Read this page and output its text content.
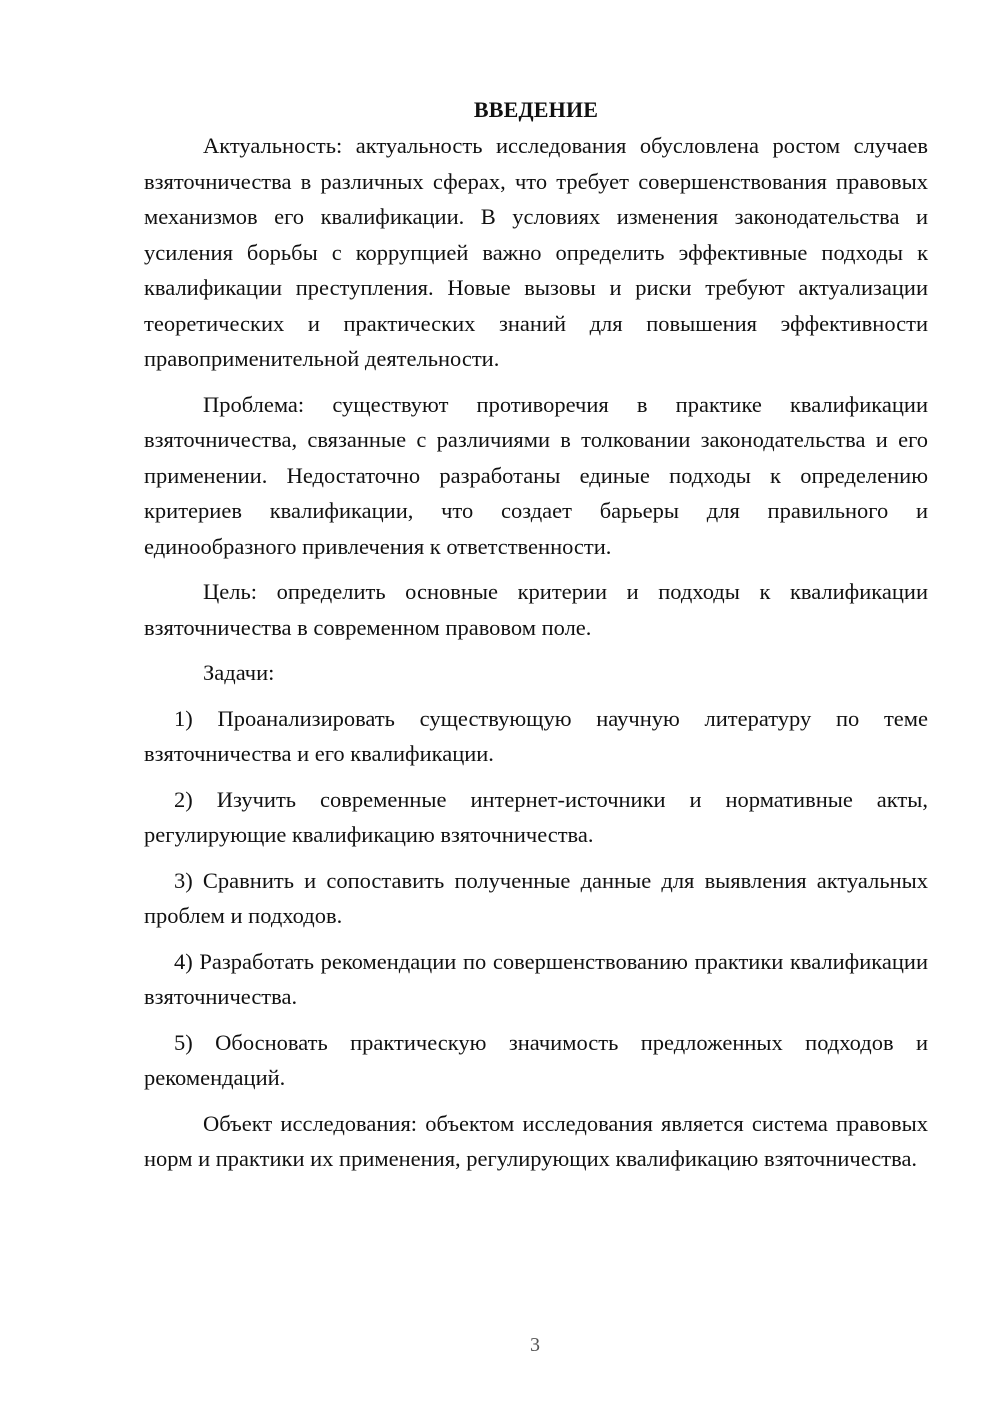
ВВЕДЕНИЕ

Актуальность: актуальность исследования обусловлена ростом случаев взяточничества в различных сферах, что требует совершенствования правовых механизмов его квалификации. В условиях изменения законодательства и усиления борьбы с коррупцией важно определить эффективные подходы к квалификации преступления. Новые вызовы и риски требуют актуализации теоретических и практических знаний для повышения эффективности правоприменительной деятельности.

Проблема: существуют противоречия в практике квалификации взяточничества, связанные с различиями в толковании законодательства и его применении. Недостаточно разработаны единые подходы к определению критериев квалификации, что создает барьеры для правильного и единообразного привлечения к ответственности.

Цель: определить основные критерии и подходы к квалификации взяточничества в современном правовом поле.

Задачи:

1) Проанализировать существующую научную литературу по теме взяточничества и его квалификации.

2) Изучить современные интернет-источники и нормативные акты, регулирующие квалификацию взяточничества.

3) Сравнить и сопоставить полученные данные для выявления актуальных проблем и подходов.

4) Разработать рекомендации по совершенствованию практики квалификации взяточничества.

5) Обосновать практическую значимость предложенных подходов и рекомендаций.

Объект исследования: объектом исследования является система правовых норм и практики их применения, регулирующих квалификацию взяточничества.

3
